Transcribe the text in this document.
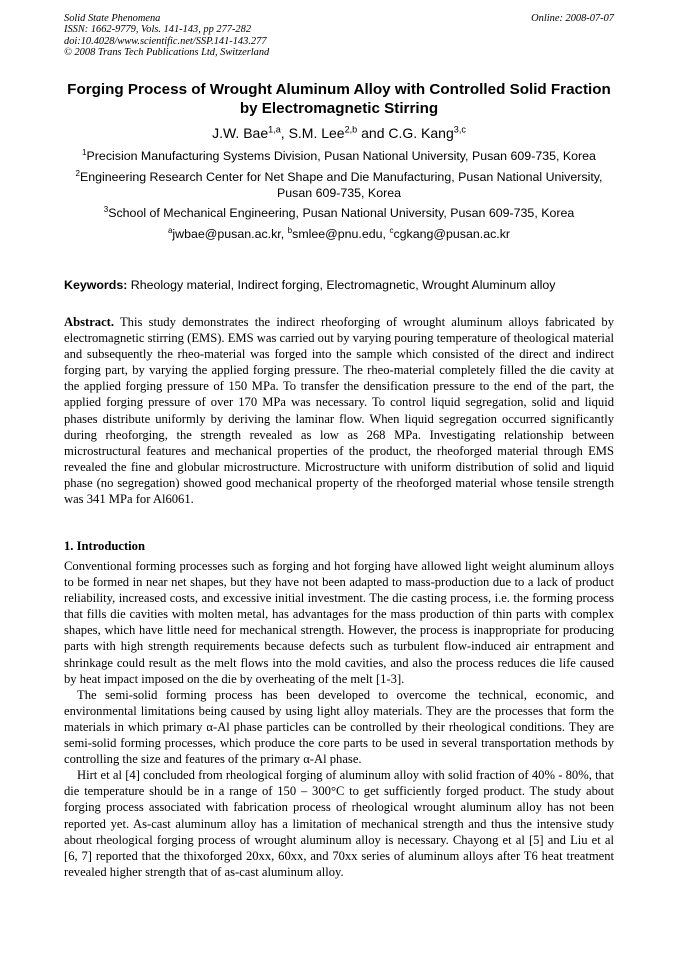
Solid State Phenomena
ISSN: 1662-9779, Vols. 141-143, pp 277-282
doi:10.4028/www.scientific.net/SSP.141-143.277
© 2008 Trans Tech Publications Ltd, Switzerland
Online: 2008-07-07
Forging Process of Wrought Aluminum Alloy with Controlled Solid Fraction by Electromagnetic Stirring
J.W. Bae$^{1,a}$, S.M. Lee$^{2,b}$ and C.G. Kang$^{3,c}$
$^1$Precision Manufacturing Systems Division, Pusan National University, Pusan 609-735, Korea
$^2$Engineering Research Center for Net Shape and Die Manufacturing, Pusan National University, Pusan 609-735, Korea
$^3$School of Mechanical Engineering, Pusan National University, Pusan 609-735, Korea
$^a$jwbae@pusan.ac.kr, $^b$smlee@pnu.edu, $^c$cgkang@pusan.ac.kr
Keywords: Rheology material, Indirect forging, Electromagnetic, Wrought Aluminum alloy
Abstract. This study demonstrates the indirect rheoforging of wrought aluminum alloys fabricated by electromagnetic stirring (EMS). EMS was carried out by varying pouring temperature of theological material and subsequently the rheo-material was forged into the sample which consisted of the direct and indirect forging part, by varying the applied forging pressure. The rheo-material completely filled the die cavity at the applied forging pressure of 150 MPa. To transfer the densification pressure to the end of the part, the applied forging pressure of over 170 MPa was necessary. To control liquid segregation, solid and liquid phases distribute uniformly by deriving the laminar flow. When liquid segregation occurred significantly during rheoforging, the strength revealed as low as 268 MPa. Investigating relationship between microstructural features and mechanical properties of the product, the rheoforged material through EMS revealed the fine and globular microstructure. Microstructure with uniform distribution of solid and liquid phase (no segregation) showed good mechanical property of the rheoforged material whose tensile strength was 341 MPa for Al6061.
1. Introduction

Conventional forming processes such as forging and hot forging have allowed light weight aluminum alloys to be formed in near net shapes, but they have not been adapted to mass-production due to a lack of product reliability, increased costs, and excessive initial investment. The die casting process, i.e. the forming process that fills die cavities with molten metal, has advantages for the mass production of thin parts with complex shapes, which have little need for mechanical strength. However, the process is inappropriate for producing parts with high strength requirements because defects such as turbulent flow-induced air entrapment and shrinkage could result as the melt flows into the mold cavities, and also the process reduces die life caused by heat impact imposed on the die by overheating of the melt [1-3].

The semi-solid forming process has been developed to overcome the technical, economic, and environmental limitations being caused by using light alloy materials. They are the processes that form the materials in which primary α-Al phase particles can be controlled by their rheological conditions. They are semi-solid forming processes, which produce the core parts to be used in several transportation methods by controlling the size and features of the primary α-Al phase.

Hirt et al [4] concluded from rheological forging of aluminum alloy with solid fraction of 40% - 80%, that die temperature should be in a range of 150 – 300°C to get sufficiently forged product. The study about forging process associated with fabrication process of rheological wrought aluminum alloy has not been reported yet. As-cast aluminum alloy has a limitation of mechanical strength and thus the intensive study about rheological forging process of wrought aluminum alloy is necessary. Chayong et al [5] and Liu et al [6, 7] reported that the thixoforged 20xx, 60xx, and 70xx series of aluminum alloys after T6 heat treatment revealed higher strength that of as-cast aluminum alloy.
